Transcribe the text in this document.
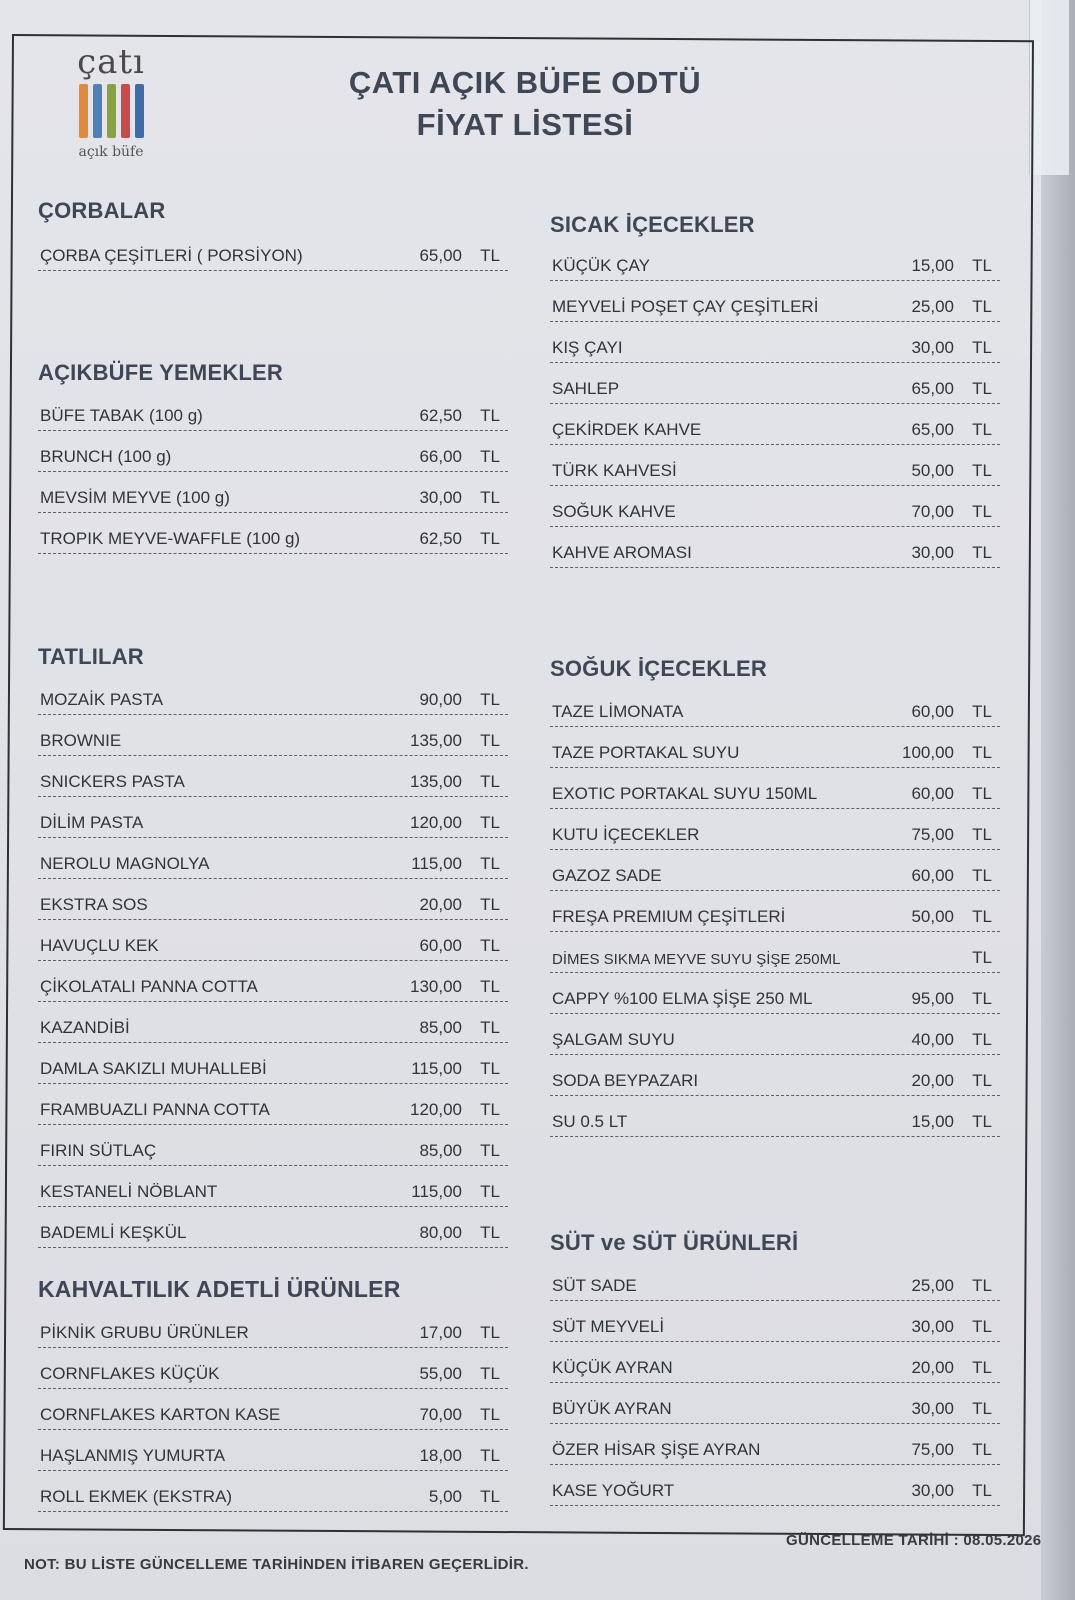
çatı
açık büfe
ÇATI AÇIK BÜFE ODTÜ
FİYAT LİSTESİ
ÇORBALAR
ÇORBA ÇEŞİTLERİ ( PORSİYON)	65,00 TL
AÇIKBÜFE YEMEKLER
BÜFE TABAK (100 g)	62,50 TL
BRUNCH (100 g)	66,00 TL
MEVSİM MEYVE (100 g)	30,00 TL
TROPIK MEYVE-WAFFLE (100 g)	62,50 TL
TATLILAR
MOZAİK PASTA	90,00 TL
BROWNIE	135,00 TL
SNICKERS PASTA	135,00 TL
DİLİM PASTA	120,00 TL
NEROLU MAGNOLYA	115,00 TL
EKSTRA SOS	20,00 TL
HAVUÇLU KEK	60,00 TL
ÇİKOLATALI PANNA COTTA	130,00 TL
KAZANDİBİ	85,00 TL
DAMLA SAKIZLI MUHALLEBİ	115,00 TL
FRAMBUAZLI PANNA COTTA	120,00 TL
FIRIN SÜTLAÇ	85,00 TL
KESTANELİ NÖBLANT	115,00 TL
BADEMLİ KEŞKÜL	80,00 TL
KAHVALTILIK ADETLİ ÜRÜNLER
PİKNİK GRUBU ÜRÜNLER	17,00 TL
CORNFLAKES KÜÇÜK	55,00 TL
CORNFLAKES KARTON KASE	70,00 TL
HAŞLANMIŞ YUMURTA	18,00 TL
ROLL EKMEK (EKSTRA)	5,00 TL
SICAK İÇECEKLER
KÜÇÜK ÇAY	15,00 TL
MEYVELİ POŞET ÇAY ÇEŞİTLERİ	25,00 TL
KIŞ ÇAYI	30,00 TL
SAHLEP	65,00 TL
ÇEKİRDEK KAHVE	65,00 TL
TÜRK KAHVESİ	50,00 TL
SOĞUK KAHVE	70,00 TL
KAHVE AROMASI	30,00 TL
SOĞUK İÇECEKLER
TAZE LİMONATA	60,00 TL
TAZE PORTAKAL SUYU	100,00 TL
EXOTIC PORTAKAL SUYU 150ML	60,00 TL
KUTU İÇECEKLER	75,00 TL
GAZOZ SADE	60,00 TL
FREŞA PREMIUM ÇEŞİTLERİ	50,00 TL
DİMES SIKMA MEYVE SUYU ŞİŞE 250ML	TL
CAPPY %100 ELMA ŞİŞE 250 ML	95,00 TL
ŞALGAM SUYU	40,00 TL
SODA BEYPAZARI	20,00 TL
SU 0.5 LT	15,00 TL
SÜT ve SÜT ÜRÜNLERİ
SÜT SADE	25,00 TL
SÜT MEYVELİ	30,00 TL
KÜÇÜK AYRAN	20,00 TL
BÜYÜK AYRAN	30,00 TL
ÖZER HİSAR ŞİŞE AYRAN	75,00 TL
KASE YOĞURT	30,00 TL
GÜNCELLEME TARİHİ : 08.05.2026
NOT: BU LİSTE GÜNCELLEME TARİHİNDEN İTİBAREN GEÇERLİDİR.
